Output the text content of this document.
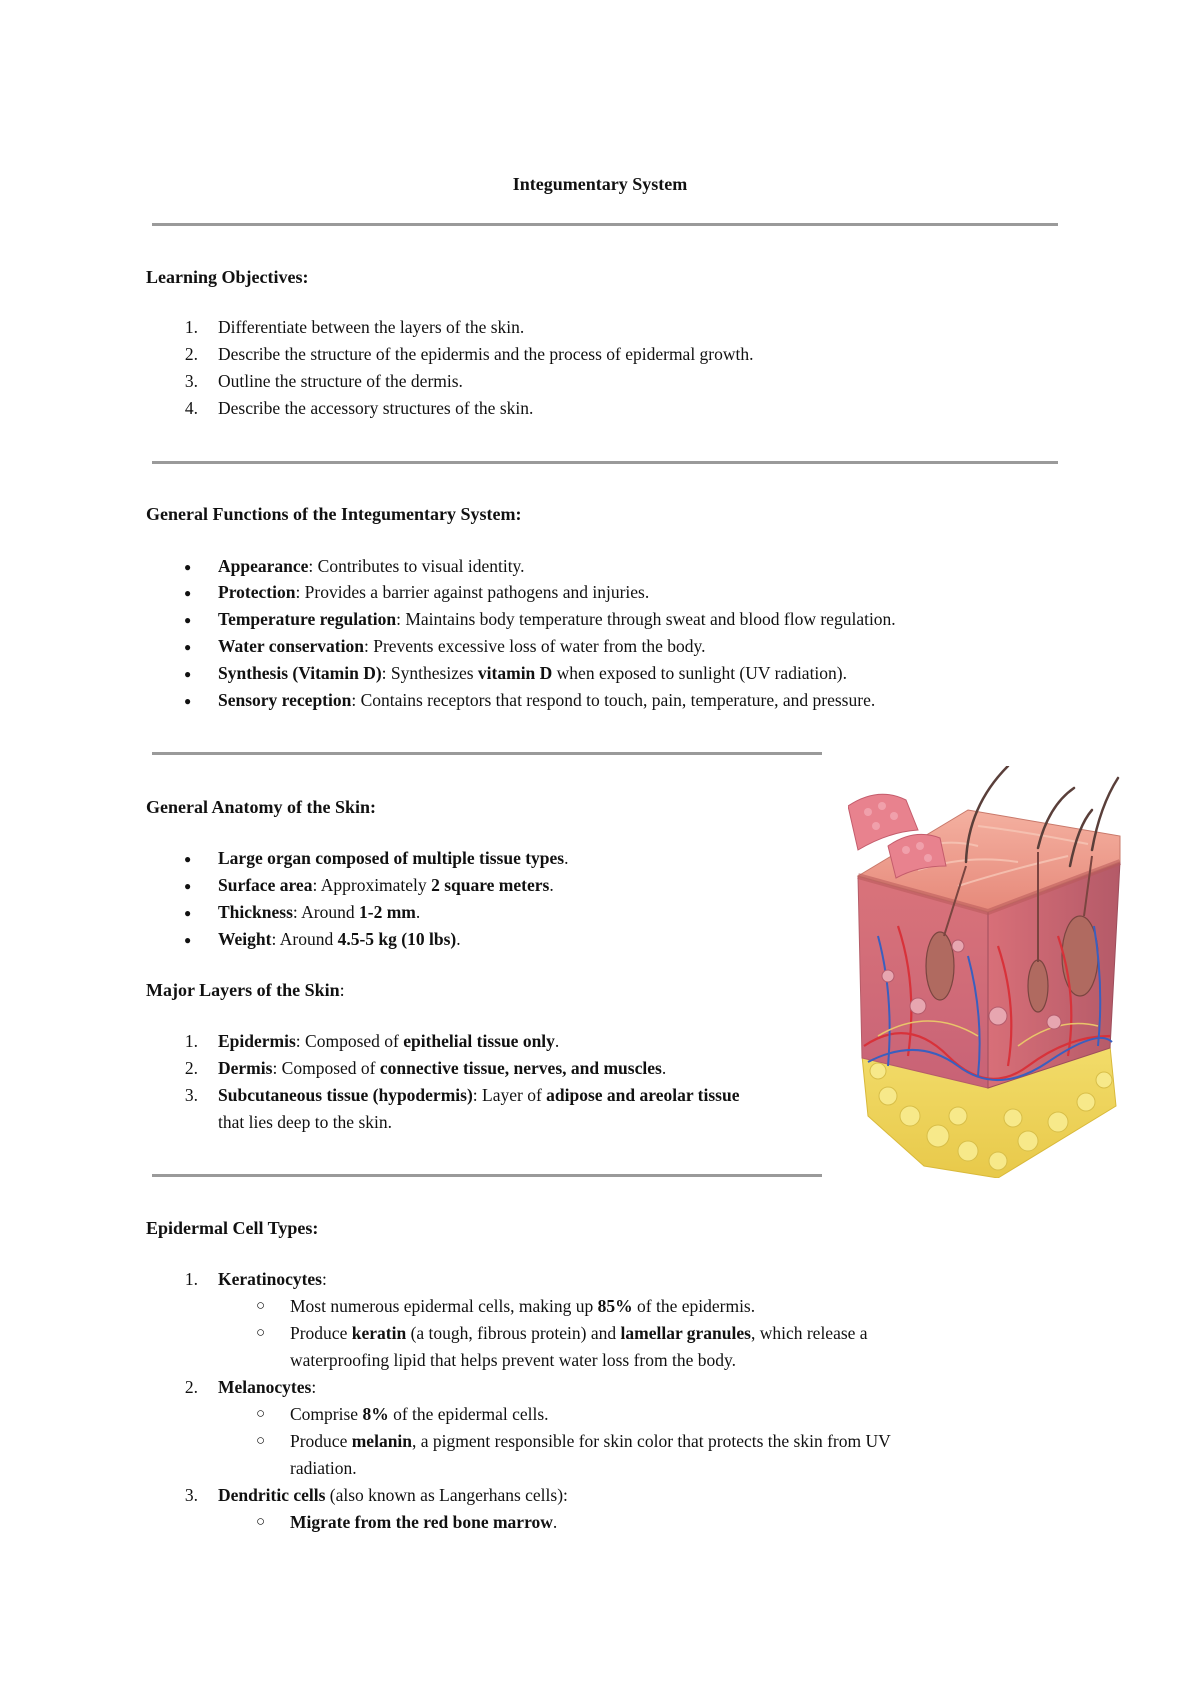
Integumentary System
Learning Objectives:
1. Differentiate between the layers of the skin.
2. Describe the structure of the epidermis and the process of epidermal growth.
3. Outline the structure of the dermis.
4. Describe the accessory structures of the skin.
General Functions of the Integumentary System:
● Appearance: Contributes to visual identity.
● Protection: Provides a barrier against pathogens and injuries.
● Temperature regulation: Maintains body temperature through sweat and blood flow regulation.
● Water conservation: Prevents excessive loss of water from the body.
● Synthesis (Vitamin D): Synthesizes vitamin D when exposed to sunlight (UV radiation).
● Sensory reception: Contains receptors that respond to touch, pain, temperature, and pressure.
General Anatomy of the Skin:
● Large organ composed of multiple tissue types.
● Surface area: Approximately 2 square meters.
● Thickness: Around 1-2 mm.
● Weight: Around 4.5-5 kg (10 lbs).
Major Layers of the Skin:
1. Epidermis: Composed of epithelial tissue only.
2. Dermis: Composed of connective tissue, nerves, and muscles.
3. Subcutaneous tissue (hypodermis): Layer of adipose and areolar tissue
that lies deep to the skin.
Epidermal Cell Types:
1. Keratinocytes:
○ Most numerous epidermal cells, making up 85% of the epidermis.
○ Produce keratin (a tough, fibrous protein) and lamellar granules, which release a
waterproofing lipid that helps prevent water loss from the body.
2. Melanocytes:
○ Comprise 8% of the epidermal cells.
○ Produce melanin, a pigment responsible for skin color that protects the skin from UV
radiation.
3. Dendritic cells (also known as Langerhans cells):
○ Migrate from the red bone marrow.
